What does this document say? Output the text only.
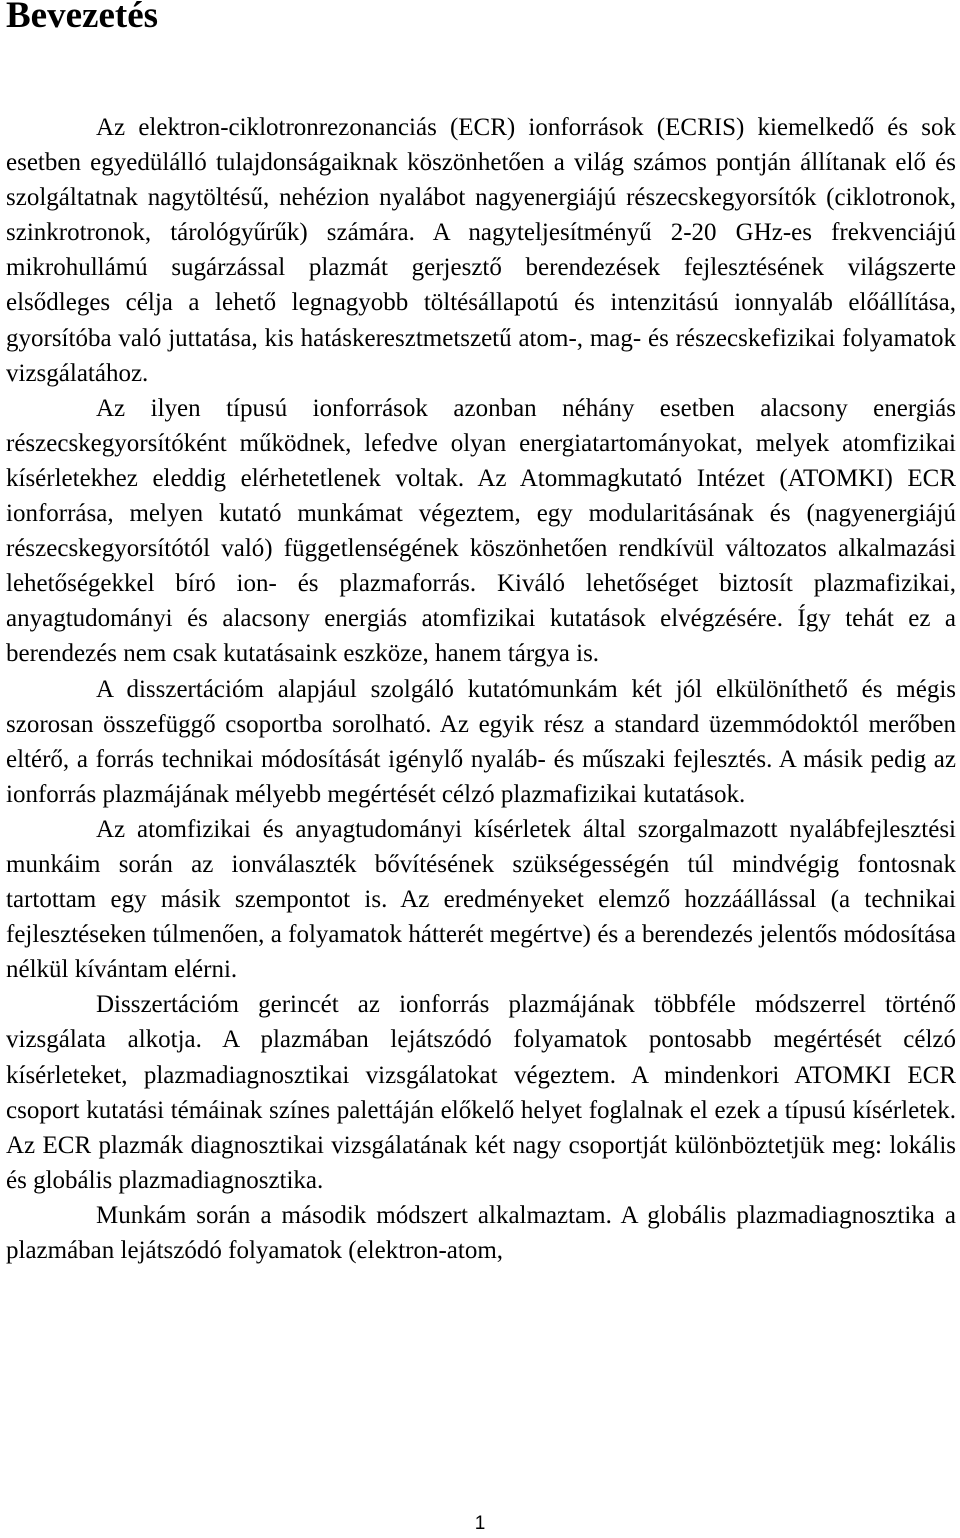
Bevezetés

Az elektron-ciklotronrezonanciás (ECR) ionforrások (ECRIS) kiemelkedő és sok esetben egyedülálló tulajdonságaiknak köszönhetően a világ számos pontján állítanak elő és szolgáltatnak nagytöltésű, nehézion nyalábot nagyenergiájú részecskegyorsítók (ciklotronok, szinkrotronok, tárológyűrűk) számára. A nagyteljesítményű 2-20 GHz-es frekvenciájú mikrohullámú sugárzással plazmát gerjesztő berendezések fejlesztésének világszerte elsődleges célja a lehető legnagyobb töltésállapotú és intenzitású ionnyaláb előállítása, gyorsítóba való juttatása, kis hatáskeresztmetszetű atom-, mag- és részecskefizikai folyamatok vizsgálatához.

Az ilyen típusú ionforrások azonban néhány esetben alacsony energiás részecskegyorsítóként működnek, lefedve olyan energiatartományokat, melyek atomfizikai kísérletekhez eleddig elérhetetlenek voltak. Az Atommagkutató Intézet (ATOMKI) ECR ionforrása, melyen kutató munkámat végeztem, egy modularitásának és (nagyenergiájú részecskegyorsítótól való) függetlenségének köszönhetően rendkívül változatos alkalmazási lehetőségekkel bíró ion- és plazmaforrás. Kiváló lehetőséget biztosít plazmafizikai, anyagtudományi és alacsony energiás atomfizikai kutatások elvégzésére. Így tehát ez a berendezés nem csak kutatásaink eszköze, hanem tárgya is.

A disszertációm alapjául szolgáló kutatómunkám két jól elkülöníthető és mégis szorosan összefüggő csoportba sorolható. Az egyik rész a standard üzemmódoktól merőben eltérő, a forrás technikai módosítását igénylő nyaláb- és műszaki fejlesztés. A másik pedig az ionforrás plazmájának mélyebb megértését célzó plazmafizikai kutatások.

Az atomfizikai és anyagtudományi kísérletek által szorgalmazott nyalábfejlesztési munkáim során az ionválaszték bővítésének szükségességén túl mindvégig fontosnak tartottam egy másik szempontot is. Az eredményeket elemző hozzáállással (a technikai fejlesztéseken túlmenően, a folyamatok hátterét megértve) és a berendezés jelentős módosítása nélkül kívántam elérni.

Disszertációm gerincét az ionforrás plazmájának többféle módszerrel történő vizsgálata alkotja. A plazmában lejátszódó folyamatok pontosabb megértését célzó kísérleteket, plazmadiagnosztikai vizsgálatokat végeztem. A mindenkori ATOMKI ECR csoport kutatási témáinak színes palettáján előkelő helyet foglalnak el ezek a típusú kísérletek. Az ECR plazmák diagnosztikai vizsgálatának két nagy csoportját különböztetjük meg: lokális és globális plazmadiagnosztika.

Munkám során a második módszert alkalmaztam. A globális plazmadiagnosztika a plazmában lejátszódó folyamatok (elektron-atom,

1
